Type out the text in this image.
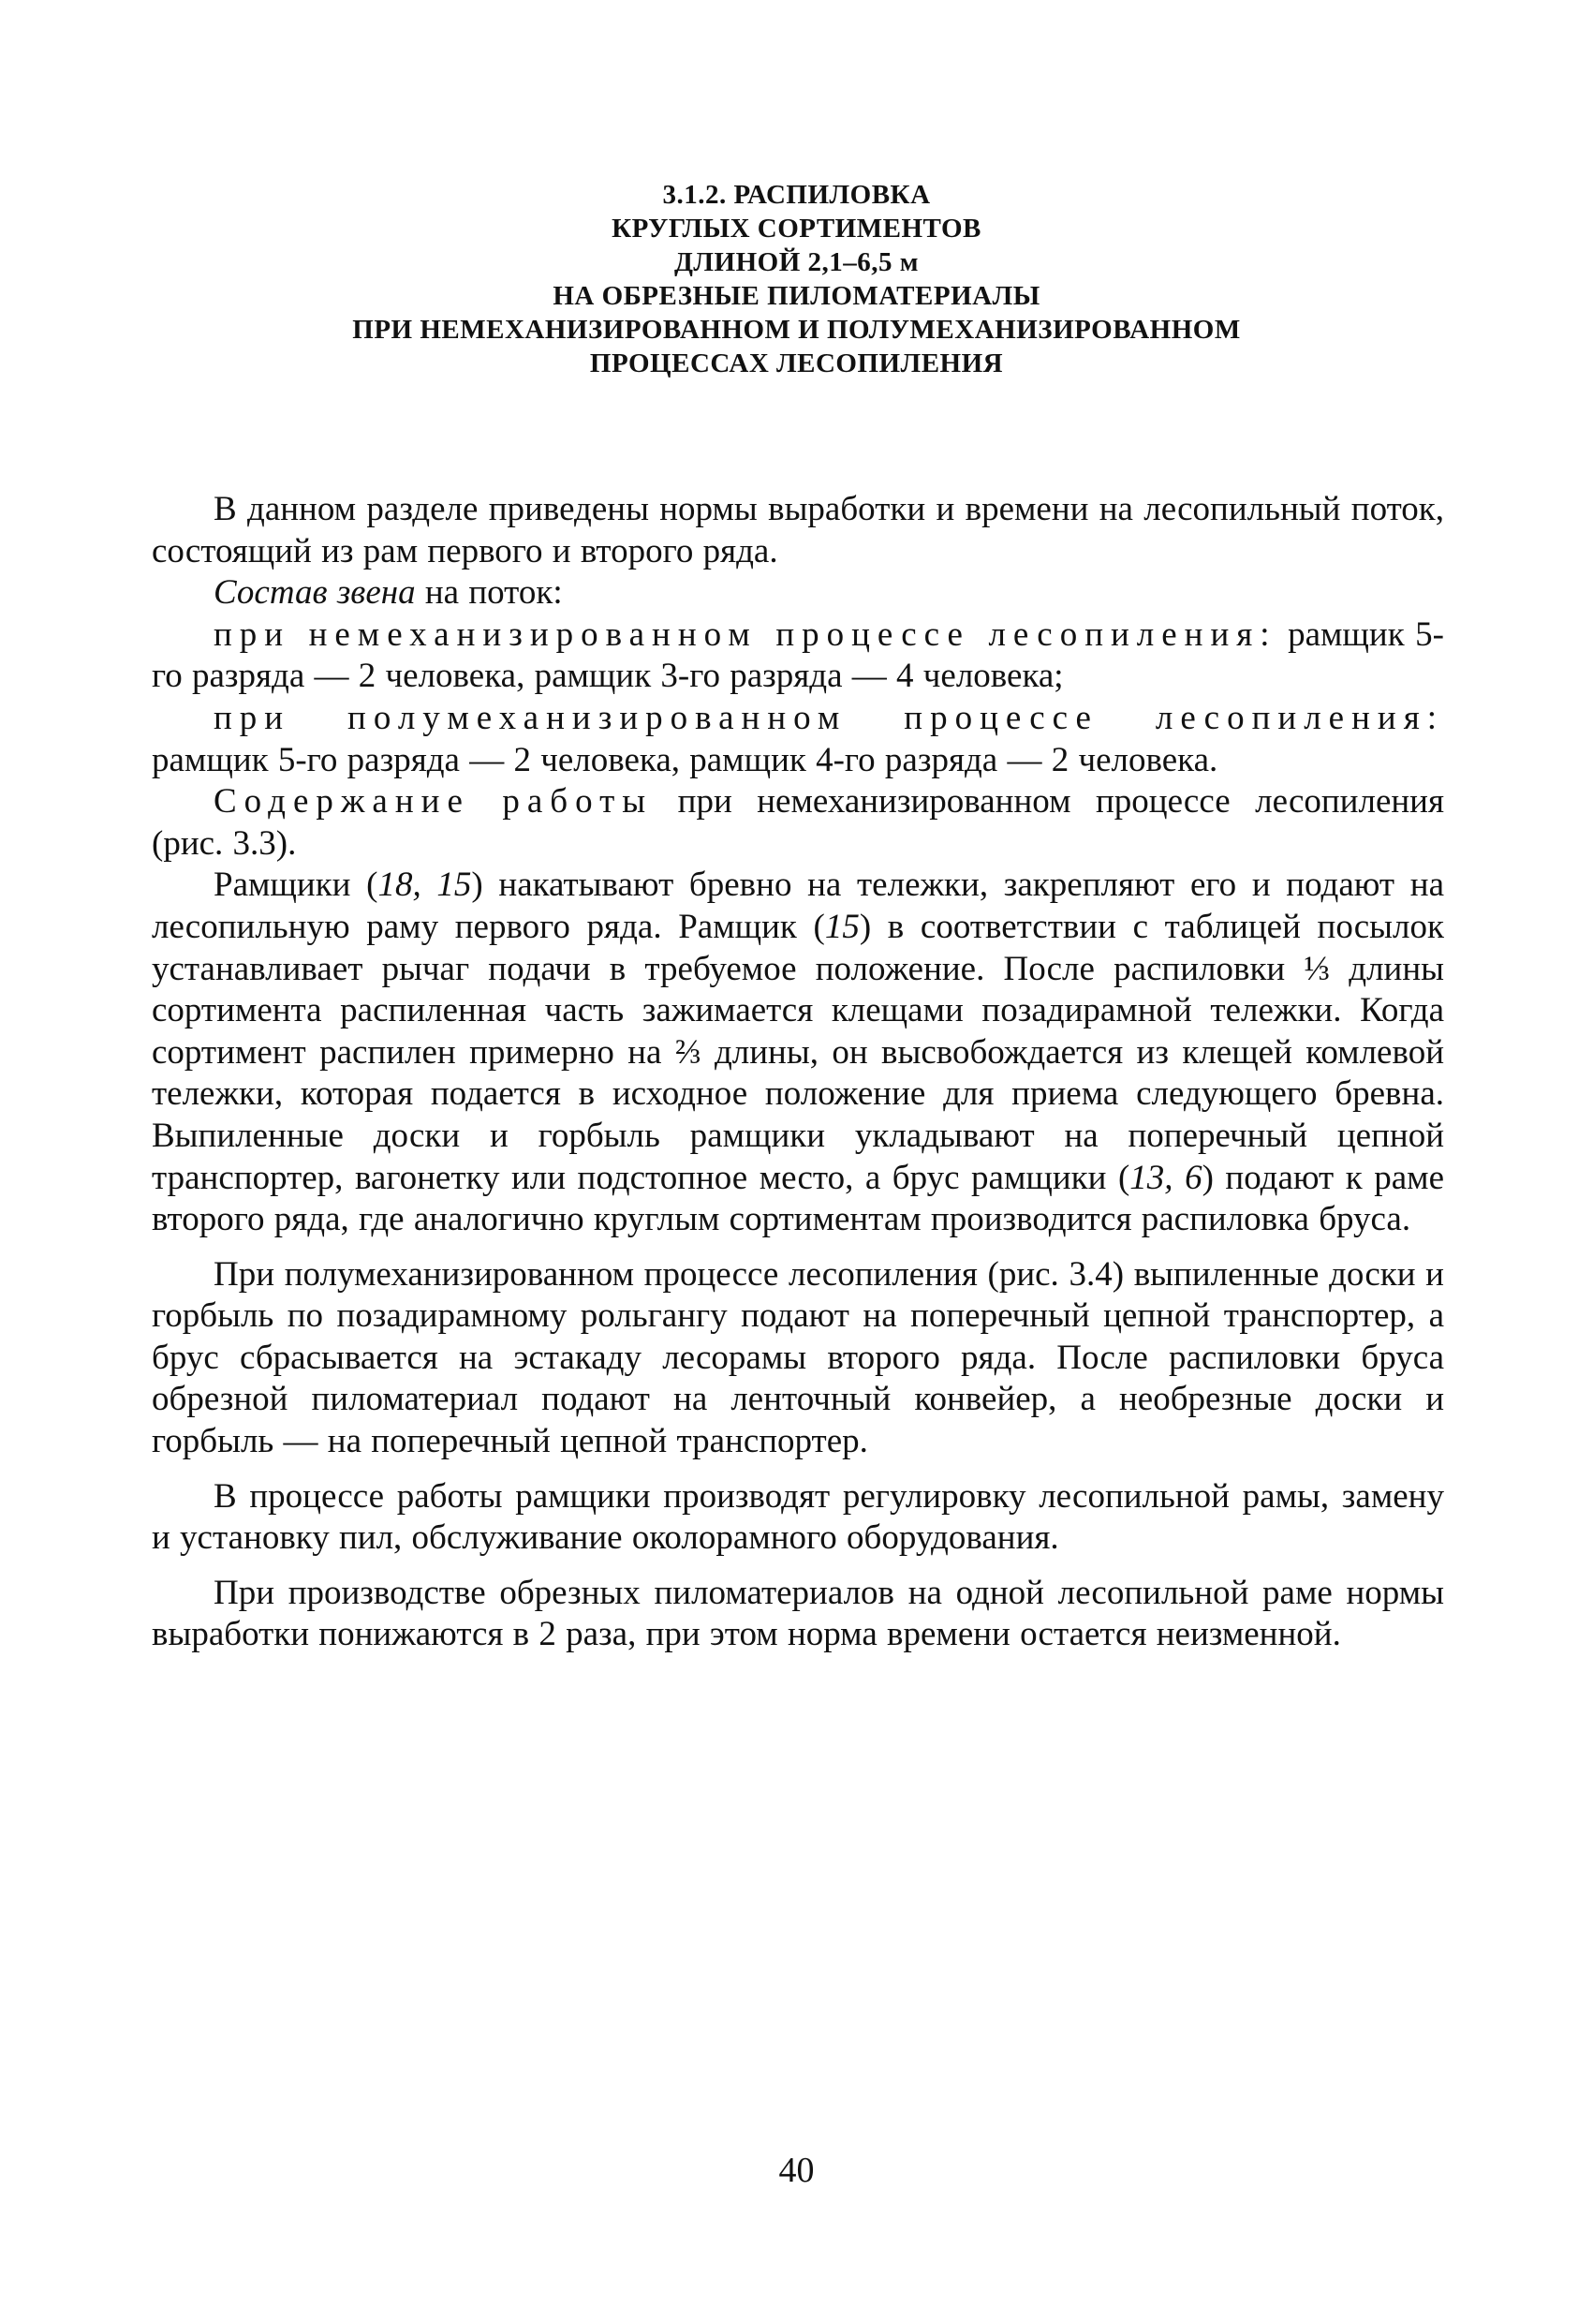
3.1.2. РАСПИЛОВКА
КРУГЛЫХ СОРТИМЕНТОВ
ДЛИНОЙ 2,1–6,5 м
НА ОБРЕЗНЫЕ ПИЛОМАТЕРИАЛЫ
ПРИ НЕМЕХАНИЗИРОВАННОМ И ПОЛУМЕХАНИЗИРОВАННОМ
ПРОЦЕССАХ ЛЕСОПИЛЕНИЯ

В данном разделе приведены нормы выработки и времени на лесопильный поток, состоящий из рам первого и второго ряда.

Состав звена на поток:

при немеханизированном процессе лесопиления: рамщик 5-го разряда — 2 человека, рамщик 3-го разряда — 4 человека;

при полумеханизированном процессе лесопиления: рамщик 5-го разряда — 2 человека, рамщик 4-го разряда — 2 человека.

Содержание работы при немеханизированном процессе лесопиления (рис. 3.3).

Рамщики (18, 15) накатывают бревно на тележки, закрепляют его и подают на лесопильную раму первого ряда. Рамщик (15) в соответствии с таблицей посылок устанавливает рычаг подачи в требуемое положение. После распиловки ⅓ длины сортимента распиленная часть зажимается клещами позадирамной тележки. Когда сортимент распилен примерно на ⅔ длины, он высвобождается из клещей комлевой тележки, которая подается в исходное положение для приема следующего бревна. Выпиленные доски и горбыль рамщики укладывают на поперечный цепной транспортер, вагонетку или подстопное место, а брус рамщики (13, 6) подают к раме второго ряда, где аналогично круглым сортиментам производится распиловка бруса.

При полумеханизированном процессе лесопиления (рис. 3.4) выпиленные доски и горбыль по позадирамному рольгангу подают на поперечный цепной транспортер, а брус сбрасывается на эстакаду лесорамы второго ряда. После распиловки бруса обрезной пиломатериал подают на ленточный конвейер, а необрезные доски и горбыль — на поперечный цепной транспортер.

В процессе работы рамщики производят регулировку лесопильной рамы, замену и установку пил, обслуживание околорамного оборудования.

При производстве обрезных пиломатериалов на одной лесопильной раме нормы выработки понижаются в 2 раза, при этом норма времени остается неизменной.

40
